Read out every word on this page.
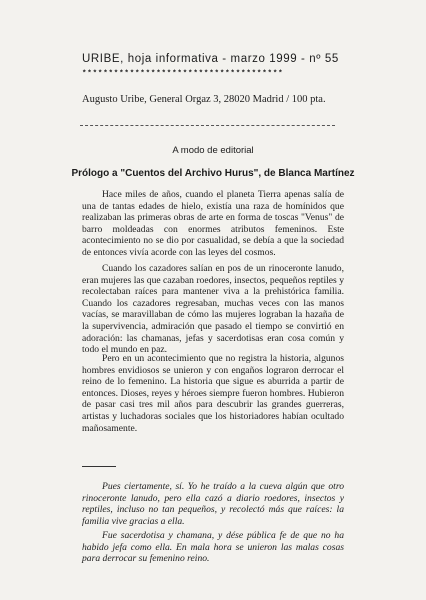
URIBE, hoja informativa - marzo 1999 - nº 55
**************************************
Augusto Uribe, General Orgaz 3, 28020 Madrid / 100 pta.
A modo de editorial
Prólogo a "Cuentos del Archivo Hurus", de Blanca Martínez

Hace miles de años, cuando el planeta Tierra apenas salía de una de tantas edades de hielo, existía una raza de homínidos que realizaban las primeras obras de arte en forma de toscas "Venus" de barro moldeadas con enormes atributos femeninos. Este acontecimiento no se dio por casualidad, se debía a que la sociedad de entonces vivía acorde con las leyes del cosmos.

Cuando los cazadores salían en pos de un rinoceronte lanudo, eran mujeres las que cazaban roedores, insectos, pequeños reptiles y recolectaban raíces para mantener viva a la prehistórica familia. Cuando los cazadores regresaban, muchas veces con las manos vacías, se maravillaban de cómo las mujeres lograban la hazaña de la supervivencia, admiración que pasado el tiempo se convirtió en adoración: las chamanas, jefas y sacerdotisas eran cosa común y todo el mundo en paz.

Pero en un acontecimiento que no registra la historia, algunos hombres envidiosos se unieron y con engaños lograron derrocar el reino de lo femenino. La historia que sigue es aburrida a partir de entonces. Dioses, reyes y héroes siempre fueron hombres. Hubieron de pasar casi tres mil años para descubrir las grandes guerreras, artistas y luchadoras sociales que los historiadores habían ocultado mañosamente.

Pues ciertamente, sí. Yo he traído a la cueva algún que otro rinoceronte lanudo, pero ella cazó a diario roedores, insectos y reptiles, incluso no tan pequeños, y recolectó más que raíces: la familia vive gracias a ella.

Fue sacerdotisa y chamana, y dése pública fe de que no ha habido jefa como ella. En mala hora se unieron las malas cosas para derrocar su femenino reino.
